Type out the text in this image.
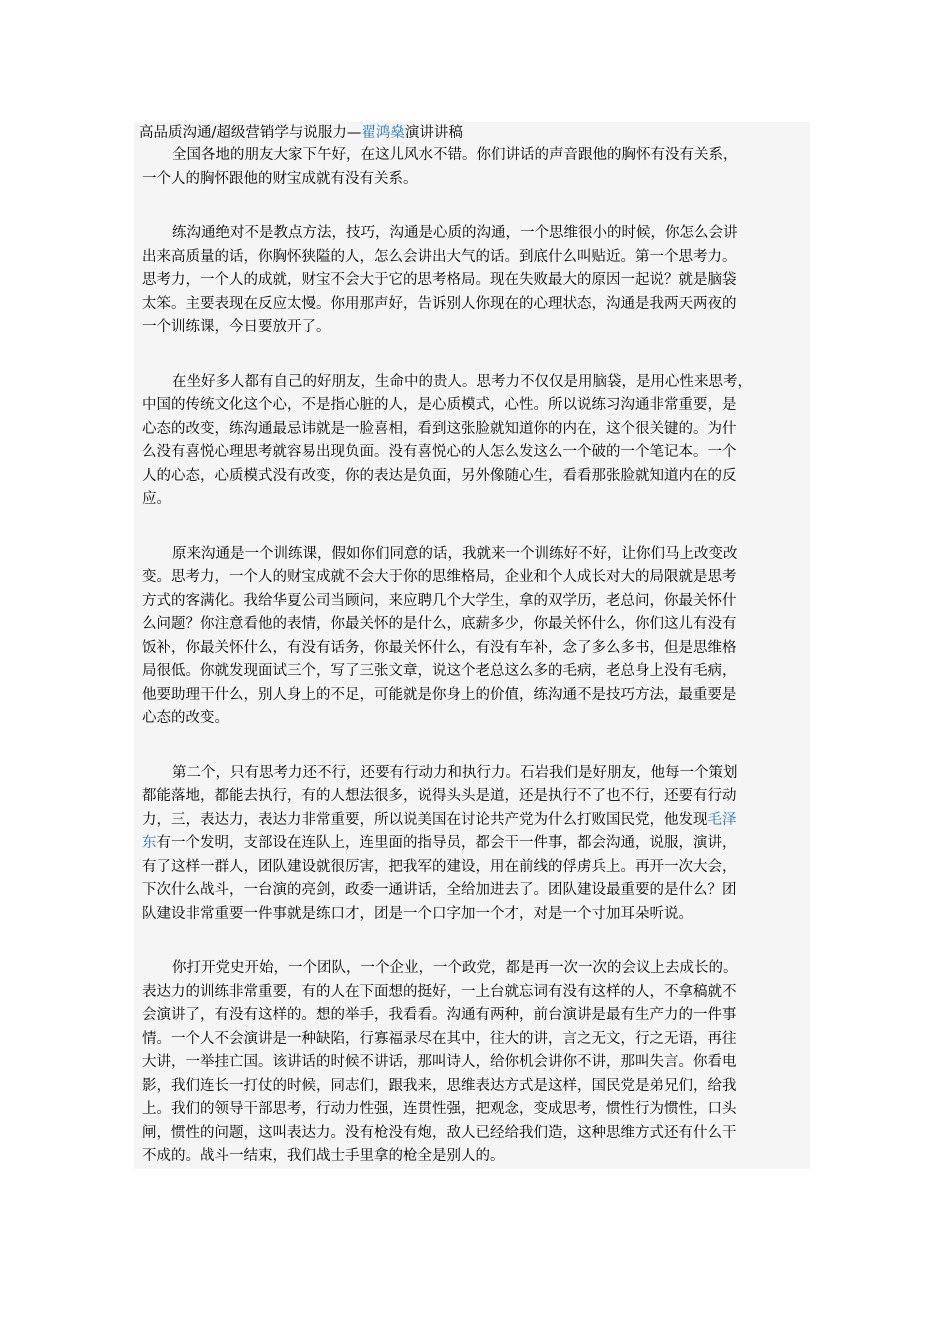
高品质沟通/超级营销学与说服力—翟鸿燊演讲讲稿
全国各地的朋友大家下午好，在这儿风水不错。你们讲话的声音跟他的胸怀有没有关系，
一个人的胸怀跟他的财宝成就有没有关系。
练沟通绝对不是教点方法，技巧，沟通是心质的沟通，一个思维很小的时候，你怎么会讲
出来高质量的话，你胸怀狭隘的人，怎么会讲出大气的话。到底什么叫贴近。第一个思考力。
思考力，一个人的成就，财宝不会大于它的思考格局。现在失败最大的原因一起说？就是脑袋
太笨。主要表现在反应太慢。你用那声好，告诉别人你现在的心理状态，沟通是我两天两夜的
一个训练课，今日要放开了。
在坐好多人都有自己的好朋友，生命中的贵人。思考力不仅仅是用脑袋，是用心性来思考，
中国的传统文化这个心，不是指心脏的人，是心质模式，心性。所以说练习沟通非常重要，是
心态的改变，练沟通最忌讳就是一脸喜相，看到这张脸就知道你的内在，这个很关键的。为什
么没有喜悦心理思考就容易出现负面。没有喜悦心的人怎么发这么一个破的一个笔记本。一个
人的心态，心质模式没有改变，你的表达是负面，另外像随心生，看看那张脸就知道内在的反
应。
原来沟通是一个训练课，假如你们同意的话，我就来一个训练好不好，让你们马上改变改
变。思考力，一个人的财宝成就不会大于你的思维格局，企业和个人成长对大的局限就是思考
方式的客满化。我给华夏公司当顾问，来应聘几个大学生，拿的双学历，老总问，你最关怀什
么问题？你注意看他的表情，你最关怀的是什么，底薪多少，你最关怀什么，你们这儿有没有
饭补，你最关怀什么，有没有话务，你最关怀什么，有没有车补，念了多么多书，但是思维格
局很低。你就发现面试三个，写了三张文章，说这个老总这么多的毛病，老总身上没有毛病，
他要助理干什么，别人身上的不足，可能就是你身上的价值，练沟通不是技巧方法，最重要是
心态的改变。
第二个，只有思考力还不行，还要有行动力和执行力。石岩我们是好朋友，他每一个策划
都能落地，都能去执行，有的人想法很多，说得头头是道，还是执行不了也不行，还要有行动
力，三，表达力，表达力非常重要，所以说美国在讨论共产党为什么打败国民党，他发现毛泽
东有一个发明，支部设在连队上，连里面的指导员，都会干一件事，都会沟通，说服，演讲，
有了这样一群人，团队建设就很厉害，把我军的建设，用在前线的俘虏兵上。再开一次大会，
下次什么战斗，一台演的亮剑，政委一通讲话，全给加进去了。团队建设最重要的是什么？团
队建设非常重要一件事就是练口才，团是一个口字加一个才，对是一个寸加耳朵听说。
你打开党史开始，一个团队，一个企业，一个政党，都是再一次一次的会议上去成长的。
表达力的训练非常重要，有的人在下面想的挺好，一上台就忘词有没有这样的人，不拿稿就不
会演讲了，有没有这样的。想的举手，我看看。沟通有两种，前台演讲是最有生产力的一件事
情。一个人不会演讲是一种缺陷，行寡福录尽在其中，往大的讲，言之无文，行之无语，再往
大讲，一举挂亡国。该讲话的时候不讲话，那叫诗人，给你机会讲你不讲，那叫失言。你看电
影，我们连长一打仗的时候，同志们，跟我来，思维表达方式是这样，国民党是弟兄们，给我
上。我们的领导干部思考，行动力性强，连贯性强，把观念，变成思考，惯性行为惯性，口头
闸，惯性的问题，这叫表达力。没有枪没有炮，敌人已经给我们造，这种思维方式还有什么干
不成的。战斗一结束，我们战士手里拿的枪全是别人的。
